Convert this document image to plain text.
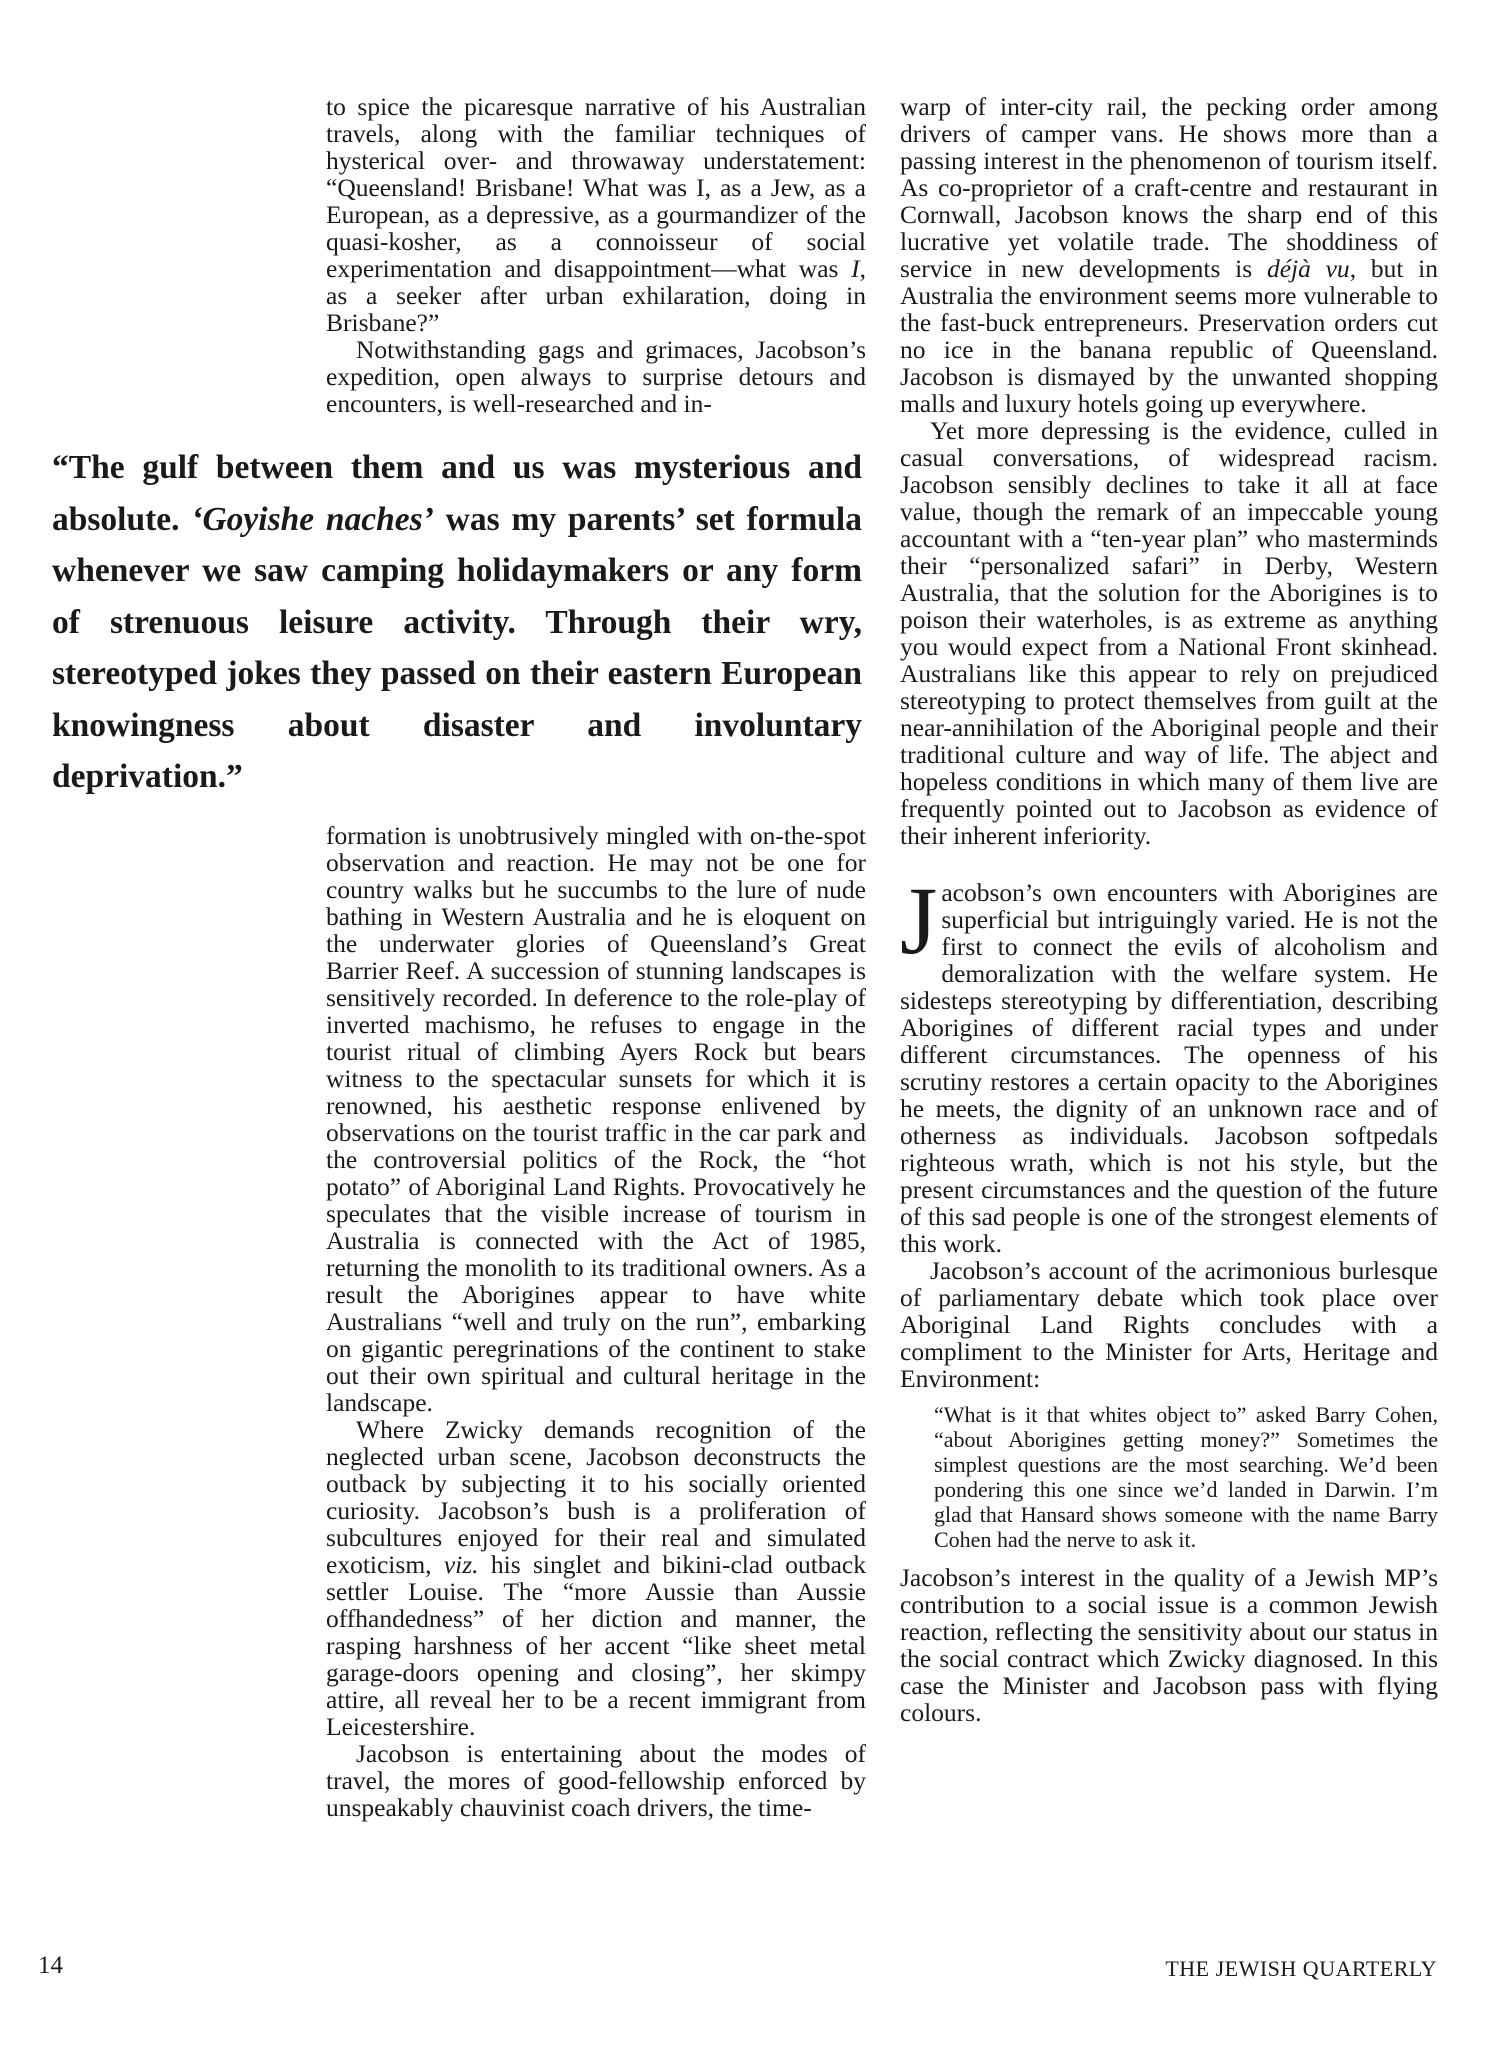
to spice the picaresque narrative of his Australian travels, along with the familiar techniques of hysterical over- and throwaway understatement: “Queensland! Brisbane! What was I, as a Jew, as a European, as a depressive, as a gourmandizer of the quasi-kosher, as a connoisseur of social experimentation and disappointment—what was I, as a seeker after urban exhilaration, doing in Brisbane?”

Notwithstanding gags and grimaces, Jacobson’s expedition, open always to surprise detours and encounters, is well-researched and in-

“The gulf between them and us was mysterious and absolute. ‘Goyishe naches’ was my parents’ set formula whenever we saw camping holidaymakers or any form of strenuous leisure activity. Through their wry, stereotyped jokes they passed on their eastern European knowingness about disaster and involuntary deprivation.”

formation is unobtrusively mingled with on-the-spot observation and reaction. He may not be one for country walks but he succumbs to the lure of nude bathing in Western Australia and he is eloquent on the underwater glories of Queensland’s Great Barrier Reef. A succession of stunning landscapes is sensitively recorded. In deference to the role-play of inverted machismo, he refuses to engage in the tourist ritual of climbing Ayers Rock but bears witness to the spectacular sunsets for which it is renowned, his aesthetic response enlivened by observations on the tourist traffic in the car park and the controversial politics of the Rock, the “hot potato” of Aboriginal Land Rights. Provocatively he speculates that the visible increase of tourism in Australia is connected with the Act of 1985, returning the monolith to its traditional owners. As a result the Aborigines appear to have white Australians “well and truly on the run”, embarking on gigantic peregrinations of the continent to stake out their own spiritual and cultural heritage in the landscape.

Where Zwicky demands recognition of the neglected urban scene, Jacobson deconstructs the outback by subjecting it to his socially oriented curiosity. Jacobson’s bush is a proliferation of subcultures enjoyed for their real and simulated exoticism, viz. his singlet and bikini-clad outback settler Louise. The “more Aussie than Aussie offhandedness” of her diction and manner, the rasping harshness of her accent “like sheet metal garage-doors opening and closing”, her skimpy attire, all reveal her to be a recent immigrant from Leicestershire.

Jacobson is entertaining about the modes of travel, the mores of good-fellowship enforced by unspeakably chauvinist coach drivers, the time-

warp of inter-city rail, the pecking order among drivers of camper vans. He shows more than a passing interest in the phenomenon of tourism itself. As co-proprietor of a craft-centre and restaurant in Cornwall, Jacobson knows the sharp end of this lucrative yet volatile trade. The shoddiness of service in new developments is déjà vu, but in Australia the environment seems more vulnerable to the fast-buck entrepreneurs. Preservation orders cut no ice in the banana republic of Queensland. Jacobson is dismayed by the unwanted shopping malls and luxury hotels going up everywhere.

Yet more depressing is the evidence, culled in casual conversations, of widespread racism. Jacobson sensibly declines to take it all at face value, though the remark of an impeccable young accountant with a “ten-year plan” who masterminds their “personalized safari” in Derby, Western Australia, that the solution for the Aborigines is to poison their waterholes, is as extreme as anything you would expect from a National Front skinhead. Australians like this appear to rely on prejudiced stereotyping to protect themselves from guilt at the near-annihilation of the Aboriginal people and their traditional culture and way of life. The abject and hopeless conditions in which many of them live are frequently pointed out to Jacobson as evidence of their inherent inferiority.

Jacobson’s own encounters with Aborigines are superficial but intriguingly varied. He is not the first to connect the evils of alcoholism and demoralization with the welfare system. He sidesteps stereotyping by differentiation, describing Aborigines of different racial types and under different circumstances. The openness of his scrutiny restores a certain opacity to the Aborigines he meets, the dignity of an unknown race and of otherness as individuals. Jacobson softpedals righteous wrath, which is not his style, but the present circumstances and the question of the future of this sad people is one of the strongest elements of this work.

Jacobson’s account of the acrimonious burlesque of parliamentary debate which took place over Aboriginal Land Rights concludes with a compliment to the Minister for Arts, Heritage and Environment:

“What is it that whites object to” asked Barry Cohen, “about Aborigines getting money?” Sometimes the simplest questions are the most searching. We’d been pondering this one since we’d landed in Darwin. I’m glad that Hansard shows someone with the name Barry Cohen had the nerve to ask it.

Jacobson’s interest in the quality of a Jewish MP’s contribution to a social issue is a common Jewish reaction, reflecting the sensitivity about our status in the social contract which Zwicky diagnosed. In this case the Minister and Jacobson pass with flying colours.

14	THE JEWISH QUARTERLY
